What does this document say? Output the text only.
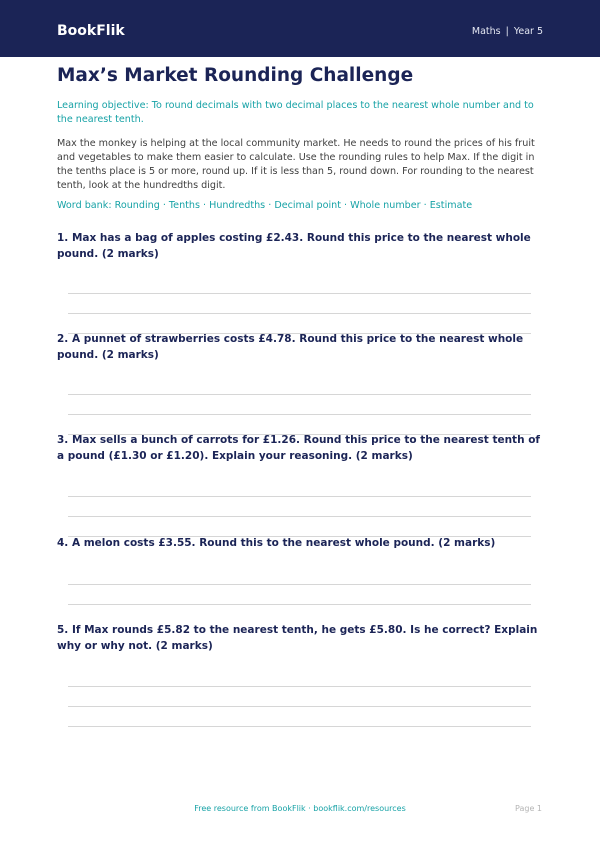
BookFlik	Maths | Year 5
Max’s Market Rounding Challenge
Learning objective: To round decimals with two decimal places to the nearest whole number and to the nearest tenth.
Max the monkey is helping at the local community market. He needs to round the prices of his fruit and vegetables to make them easier to calculate. Use the rounding rules to help Max. If the digit in the tenths place is 5 or more, round up. If it is less than 5, round down. For rounding to the nearest tenth, look at the hundredths digit.
Word bank: Rounding · Tenths · Hundredths · Decimal point · Whole number · Estimate
1. Max has a bag of apples costing £2.43. Round this price to the nearest whole pound. (2 marks)
2. A punnet of strawberries costs £4.78. Round this price to the nearest whole pound. (2 marks)
3. Max sells a bunch of carrots for £1.26. Round this price to the nearest tenth of a pound (£1.30 or £1.20). Explain your reasoning. (2 marks)
4. A melon costs £3.55. Round this to the nearest whole pound. (2 marks)
5. If Max rounds £5.82 to the nearest tenth, he gets £5.80. Is he correct? Explain why or why not. (2 marks)
Free resource from BookFlik · bookflik.com/resources	Page 1
